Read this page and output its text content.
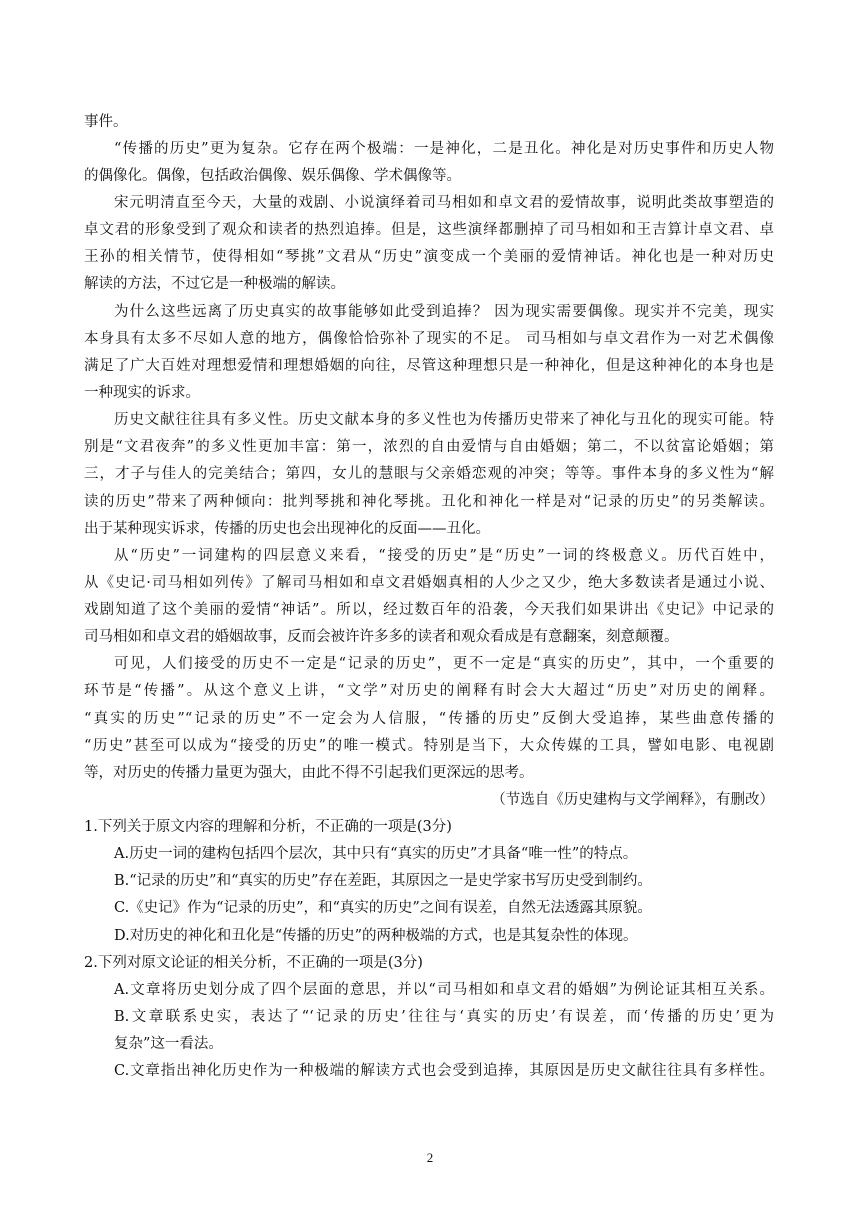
事件。
“传播的历史”更为复杂。它存在两个极端：一是神化，二是丑化。神化是对历史事件和历史人物
的偶像化。偶像，包括政治偶像、娱乐偶像、学术偶像等。
宋元明清直至今天，大量的戏剧、小说演绎着司马相如和卓文君的爱情故事，说明此类故事塑造的
卓文君的形象受到了观众和读者的热烈追捧。但是，这些演绎都删掉了司马相如和王吉算计卓文君、卓
王孙的相关情节，使得相如“琴挑”文君从“历史”演变成一个美丽的爱情神话。神化也是一种对历史
解读的方法，不过它是一种极端的解读。
为什么这些远离了历史真实的故事能够如此受到追捧？ 因为现实需要偶像。现实并不完美，现实
本身具有太多不尽如人意的地方，偶像恰恰弥补了现实的不足。 司马相如与卓文君作为一对艺术偶像
满足了广大百姓对理想爱情和理想婚姻的向往，尽管这种理想只是一种神化，但是这种神化的本身也是
一种现实的诉求。
历史文献往往具有多义性。历史文献本身的多义性也为传播历史带来了神化与丑化的现实可能。特
别是“文君夜奔”的多义性更加丰富：第一，浓烈的自由爱情与自由婚姻；第二，不以贫富论婚姻；第
三，才子与佳人的完美结合；第四，女儿的慧眼与父亲婚恋观的冲突；等等。事件本身的多义性为“解
读的历史”带来了两种倾向：批判琴挑和神化琴挑。丑化和神化一样是对“记录的历史”的另类解读。
出于某种现实诉求，传播的历史也会出现神化的反面——丑化。
从“历史”一词建构的四层意义来看，“接受的历史”是“历史”一词的终极意义。历代百姓中，
从《史记·司马相如列传》了解司马相如和卓文君婚姻真相的人少之又少，绝大多数读者是通过小说、
戏剧知道了这个美丽的爱情“神话”。所以，经过数百年的沿袭，今天我们如果讲出《史记》中记录的
司马相如和卓文君的婚姻故事，反而会被许许多多的读者和观众看成是有意翻案，刻意颠覆。
可见，人们接受的历史不一定是“记录的历史”，更不一定是“真实的历史”，其中，一个重要的
环节是“传播”。从这个意义上讲，“文学”对历史的阐释有时会大大超过“历史”对历史的阐释。
“真实的历史”“记录的历史”不一定会为人信服，“传播的历史”反倒大受追捧，某些曲意传播的
“历史”甚至可以成为“接受的历史”的唯一模式。特别是当下，大众传媒的工具，譬如电影、电视剧
等，对历史的传播力量更为强大，由此不得不引起我们更深远的思考。
（节选自《历史建构与文学阐释》，有删改）
1.下列关于原文内容的理解和分析，不正确的一项是(3分)
A.历史一词的建构包括四个层次，其中只有“真实的历史”才具备“唯一性”的特点。
B.“记录的历史”和“真实的历史”存在差距，其原因之一是史学家书写历史受到制约。
C.《史记》作为“记录的历史”，和“真实的历史”之间有误差，自然无法透露其原貌。
D.对历史的神化和丑化是“传播的历史”的两种极端的方式，也是其复杂性的体现。
2.下列对原文论证的相关分析，不正确的一项是(3分)
A.文章将历史划分成了四个层面的意思，并以“司马相如和卓文君的婚姻”为例论证其相互关系。
B.文章联系史实，表达了“‘记录的历史’往往与‘真实的历史’有误差，而‘传播的历史’更为
复杂”这一看法。
C.文章指出神化历史作为一种极端的解读方式也会受到追捧，其原因是历史文献往往具有多样性。
2
